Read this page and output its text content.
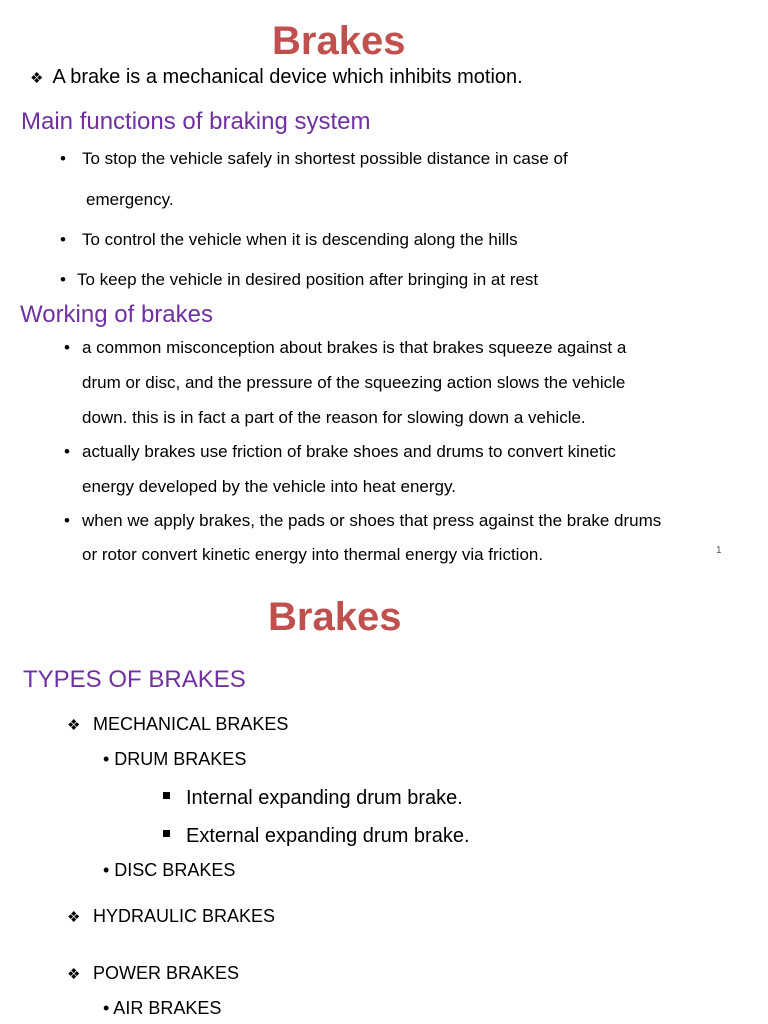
Brakes
❖ A brake is a mechanical device which inhibits motion.
Main functions of braking system
• To stop the vehicle safely in shortest possible distance in case of
emergency.
• To control the vehicle when it is descending along the hills
• To keep the vehicle in desired position after bringing in at rest
Working of brakes
• a common misconception about brakes is that brakes squeeze against a
drum or disc, and the pressure of the squeezing action slows the vehicle
down. this is in fact a part of the reason for slowing down a vehicle.
• actually brakes use friction of brake shoes and drums to convert kinetic
energy developed by the vehicle into heat energy.
• when we apply brakes, the pads or shoes that press against the brake drums
or rotor convert kinetic energy into thermal energy via friction.	1
Brakes
TYPES OF BRAKES
❖ MECHANICAL BRAKES
• DRUM BRAKES
Internal expanding drum brake.
External expanding drum brake.
• DISC BRAKES
❖ HYDRAULIC BRAKES
❖ POWER BRAKES
• AIR BRAKES
